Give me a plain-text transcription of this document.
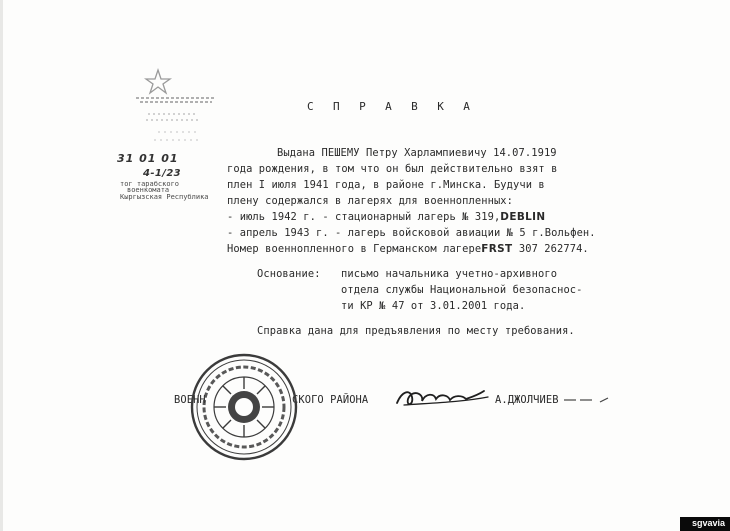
31 01 01
4-1/23
тог тарабского
военкомата
Кыргызская Республика
С П Р А В К А
Выдана ПЕШЕМУ Петру Харлампиевичу 14.07.1919
года рождения, в том что он был действительно взят в
плен I июля 1941 года, в районе г.Минска. Будучи в
плену содержался в лагерях для военнопленных:
- июль 1942 г. - стационарный лагерь № 319,DEBLIN
- апрель 1943 г. - лагерь войсковой авиации № 5 г.Вольфен.
Номер военнопленного в Германском лагереFRST 307 262774.
Основание: письмо начальника учетно-архивного
отдела службы Национальной безопаснос-
ти КР № 47 от 3.01.2001 года.
Справка дана для предъявления по месту требования.
ВОЕНН	СКОГО РАЙОНА	А.ДЖОЛЧИЕВ
sgvavia
